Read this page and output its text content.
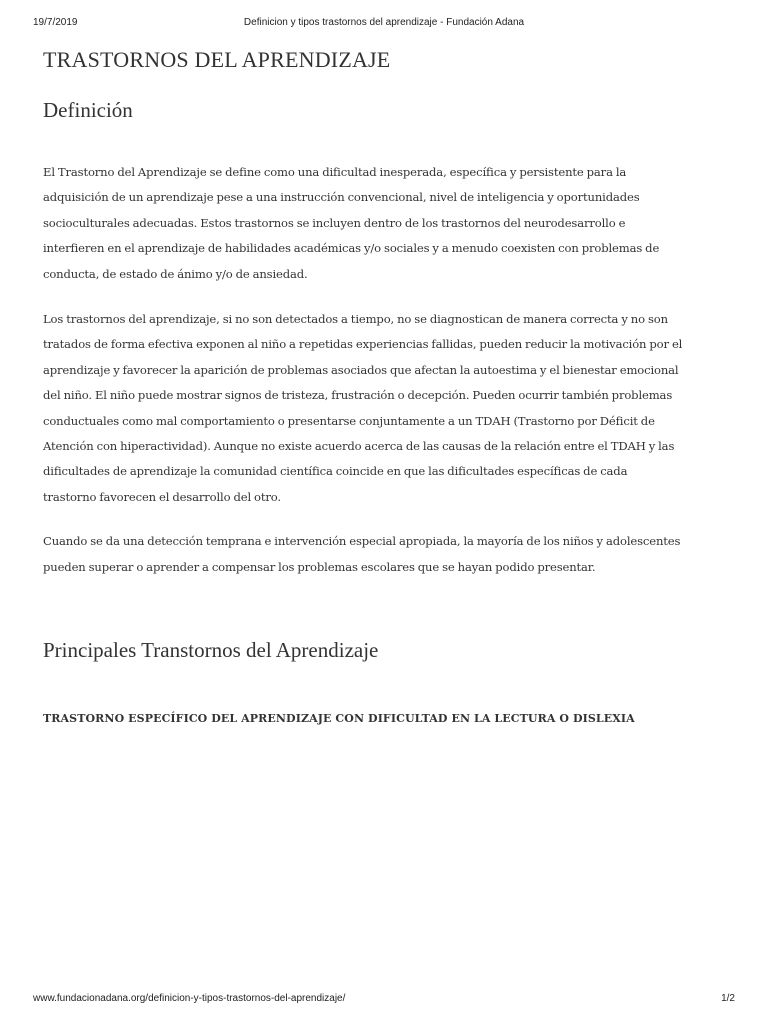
19/7/2019	Definicion y tipos trastornos del aprendizaje - Fundación Adana
TRASTORNOS DEL APRENDIZAJE
Definición

El Trastorno del Aprendizaje se define como una dificultad inesperada, específica y persistente para la adquisición de un aprendizaje pese a una instrucción convencional, nivel de inteligencia y oportunidades socioculturales adecuadas. Estos trastornos se incluyen dentro de los trastornos del neurodesarrollo e interfieren en el aprendizaje de habilidades académicas y/o sociales y a menudo coexisten con problemas de conducta, de estado de ánimo y/o de ansiedad.

Los trastornos del aprendizaje, si no son detectados a tiempo, no se diagnostican de manera correcta y no son tratados de forma efectiva exponen al niño a repetidas experiencias fallidas, pueden reducir la motivación por el aprendizaje y favorecer la aparición de problemas asociados que afectan la autoestima y el bienestar emocional del niño. El niño puede mostrar signos de tristeza, frustración o decepción. Pueden ocurrir también problemas conductuales como mal comportamiento o presentarse conjuntamente a un TDAH (Trastorno por Déficit de Atención con hiperactividad). Aunque no existe acuerdo acerca de las causas de la relación entre el TDAH y las dificultades de aprendizaje la comunidad científica coincide en que las dificultades específicas de cada trastorno favorecen el desarrollo del otro.

Cuando se da una detección temprana e intervención especial apropiada, la mayoría de los niños y adolescentes pueden superar o aprender a compensar los problemas escolares que se hayan podido presentar.

Principales Transtornos del Aprendizaje
TRASTORNO ESPECÍFICO DEL APRENDIZAJE CON DIFICULTAD EN LA LECTURA O DISLEXIA
www.fundacionadana.org/definicion-y-tipos-trastornos-del-aprendizaje/	1/2
